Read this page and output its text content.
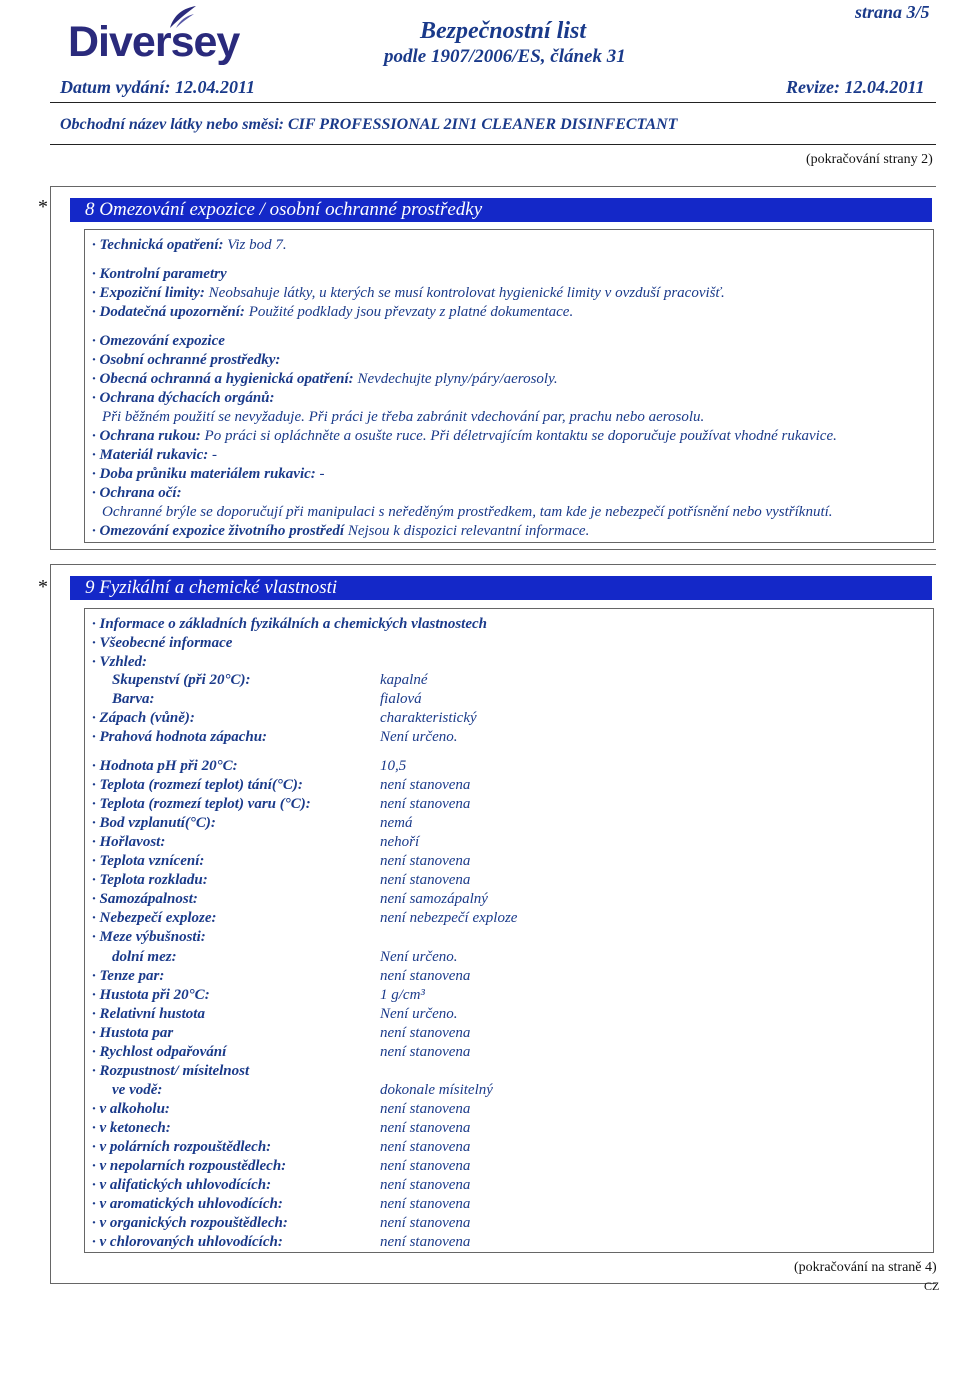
Diversey	Bezpečnostní list
podle 1907/2006/ES, článek 31
strana 3/5
Datum vydání: 12.04.2011	Revize: 12.04.2011
Obchodní název látky nebo směsi: CIF PROFESSIONAL 2IN1 CLEANER DISINFECTANT
(pokračování strany 2)
*	8 Omezování expozice / osobní ochranné prostředky
· Technická opatření: Viz bod 7.
· Kontrolní parametry
· Expoziční limity: Neobsahuje látky, u kterých se musí kontrolovat hygienické limity v ovzduší pracovišť.
· Dodatečná upozornění: Použité podklady jsou převzaty z platné dokumentace.
· Omezování expozice
· Osobní ochranné prostředky:
· Obecná ochranná a hygienická opatření: Nevdechujte plyny/páry/aerosoly.
· Ochrana dýchacích orgánů:
Při běžném použití se nevyžaduje. Při práci je třeba zabránit vdechování par, prachu nebo aerosolu.
· Ochrana rukou: Po práci si opláchněte a osušte ruce. Při déletrvajícím kontaktu se doporučuje používat vhodné rukavice.
· Materiál rukavic: -
· Doba průniku materiálem rukavic: -
· Ochrana očí:
Ochranné brýle se doporučují při manipulaci s neředěným prostředkem, tam kde je nebezpečí potřísnění nebo vystříknutí.
· Omezování expozice životního prostředí Nejsou k dispozici relevantní informace.
*	9 Fyzikální a chemické vlastnosti
· Informace o základních fyzikálních a chemických vlastnostech
· Všeobecné informace
· Vzhled:
Skupenství (při 20°C):	kapalné
Barva:	fialová
· Zápach (vůně):	charakteristický
· Prahová hodnota zápachu:	Není určeno.
· Hodnota pH při 20°C:	10,5
· Teplota (rozmezí teplot) tání(°C):	není stanovena
· Teplota (rozmezí teplot) varu (°C):	není stanovena
· Bod vzplanutí(°C):	nemá
· Hořlavost:	nehoří
· Teplota vznícení:	není stanovena
· Teplota rozkladu:	není stanovena
· Samozápalnost:	není samozápalný
· Nebezpečí exploze:	není nebezpečí exploze
· Meze výbušnosti:
dolní mez:	Není určeno.
· Tenze par:	není stanovena
· Hustota při 20°C:	1 g/cm³
· Relativní hustota	Není určeno.
· Hustota par	není stanovena
· Rychlost odpařování	není stanovena
· Rozpustnost/ mísitelnost
ve vodě:	dokonale mísitelný
· v alkoholu:	není stanovena
· v ketonech:	není stanovena
· v polárních rozpouštědlech:	není stanovena
· v nepolarních rozpoustědlech:	není stanovena
· v alifatických uhlovodících:	není stanovena
· v aromatických uhlovodících:	není stanovena
· v organických rozpouštědlech:	není stanovena
· v chlorovaných uhlovodících:	není stanovena
(pokračování na straně 4)
CZ
